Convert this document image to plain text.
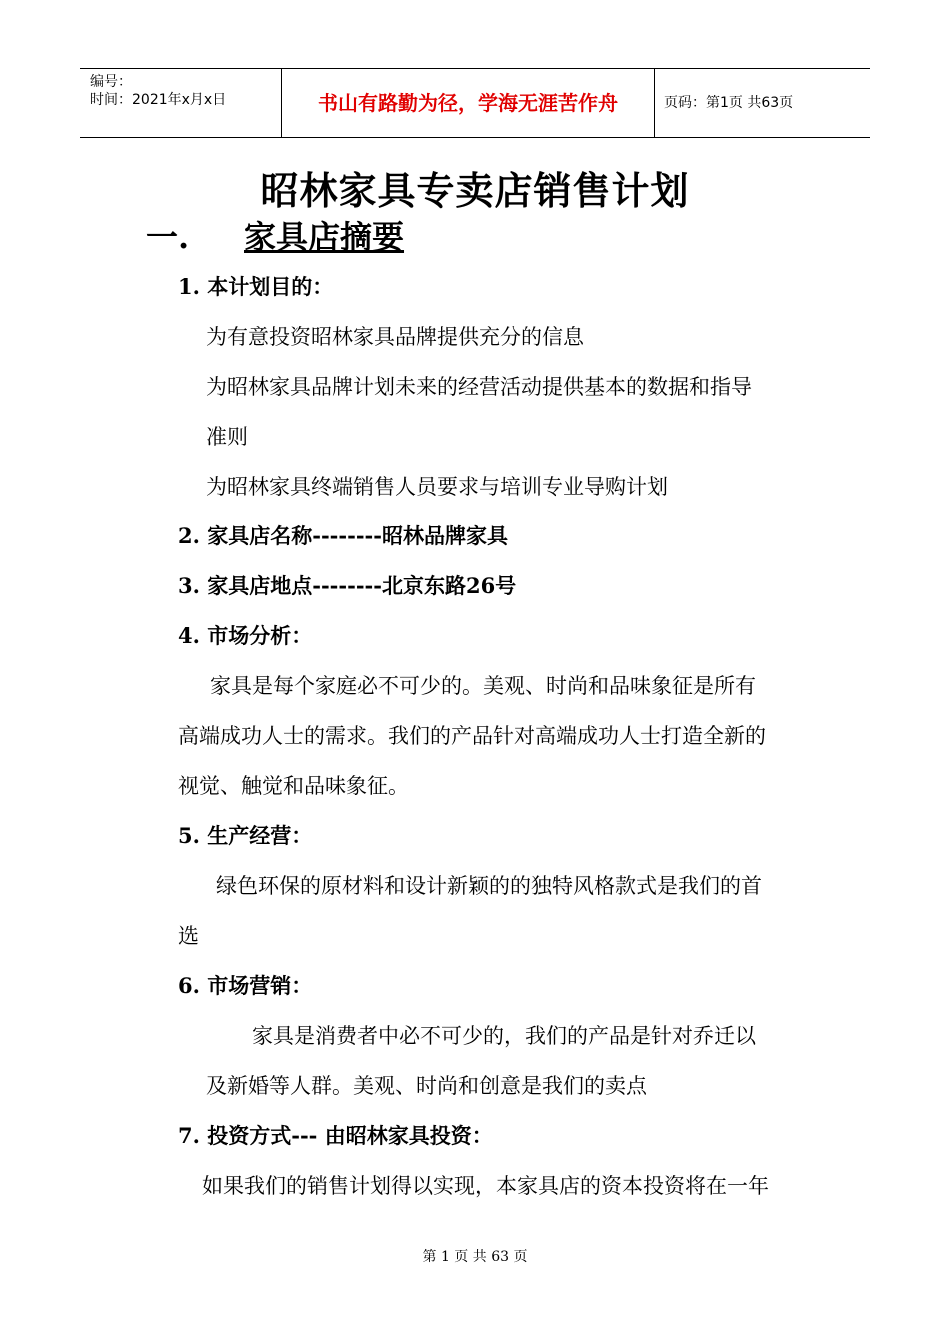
编号：
时间：2021年x月x日	书山有路勤为径，学海无涯苦作舟	页码：第1页 共63页
昭林家具专卖店销售计划
一. 家具店摘要
1. 本计划目的：
为有意投资昭林家具品牌提供充分的信息
为昭林家具品牌计划未来的经营活动提供基本的数据和指导
准则
为昭林家具终端销售人员要求与培训专业导购计划
2. 家具店名称--------昭林品牌家具
3. 家具店地点--------北京东路26号
4. 市场分析：
家具是每个家庭必不可少的。美观、时尚和品味象征是所有
高端成功人士的需求。我们的产品针对高端成功人士打造全新的
视觉、触觉和品味象征。
5. 生产经营：
绿色环保的原材料和设计新颖的的独特风格款式是我们的首
选
6. 市场营销：
家具是消费者中必不可少的，我们的产品是针对乔迁以
及新婚等人群。美观、时尚和创意是我们的卖点
7. 投资方式--- 由昭林家具投资：
如果我们的销售计划得以实现，本家具店的资本投资将在一年
第 1 页 共 63 页
